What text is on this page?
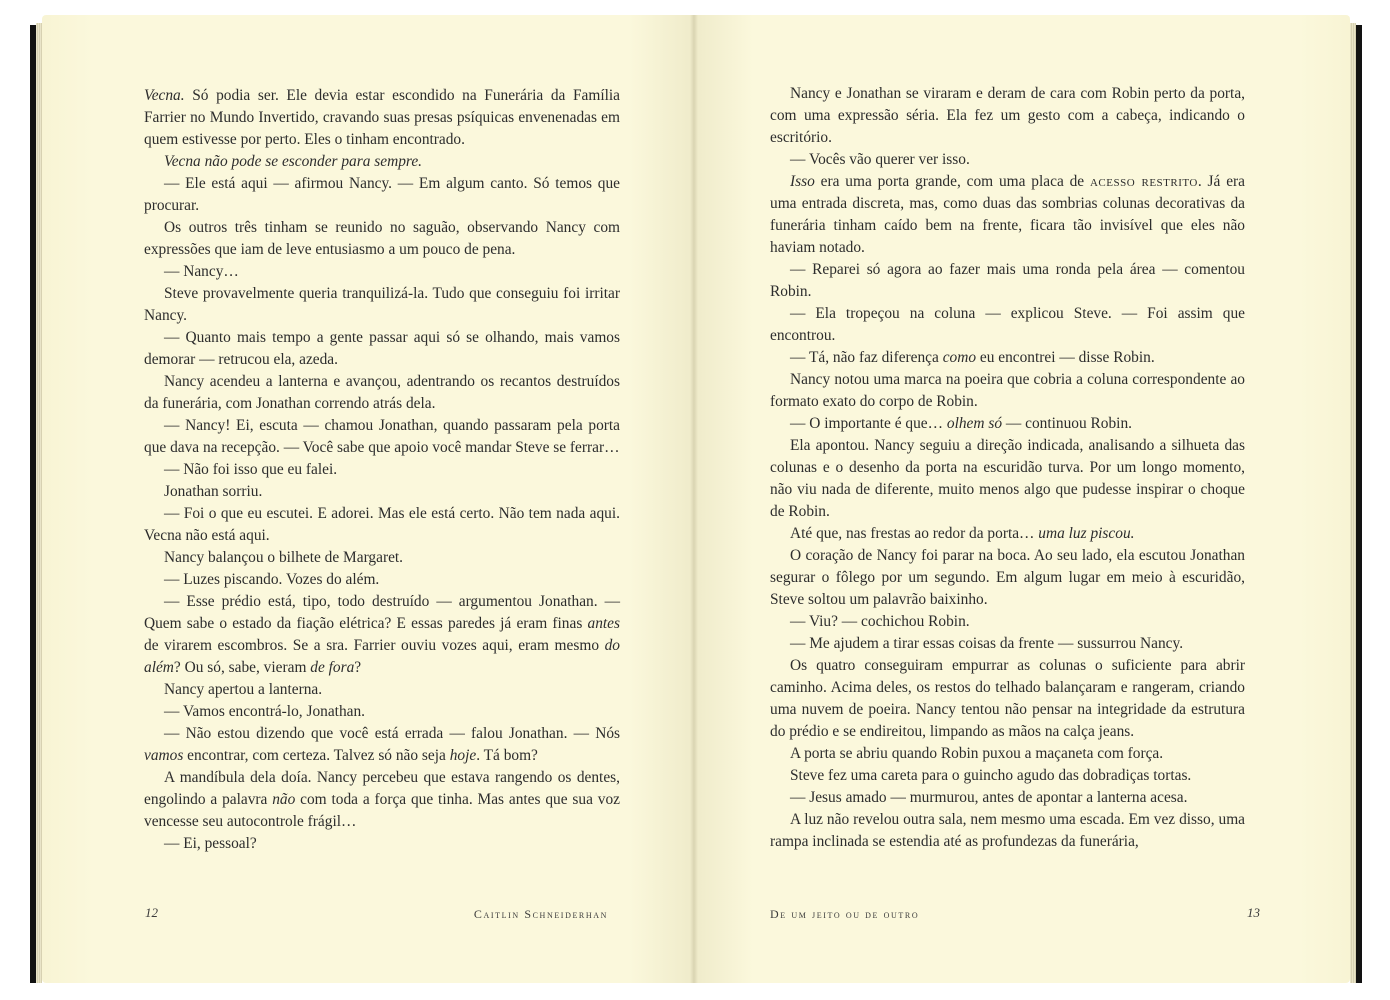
Vecna. Só podia ser. Ele devia estar escondido na Funerária da Família Farrier no Mundo Invertido, cravando suas presas psíquicas envenenadas em quem estivesse por perto. Eles o tinham encontrado.

Vecna não pode se esconder para sempre.

— Ele está aqui — afirmou Nancy. — Em algum canto. Só temos que procurar.

Os outros três tinham se reunido no saguão, observando Nancy com expressões que iam de leve entusiasmo a um pouco de pena.

— Nancy…

Steve provavelmente queria tranquilizá-la. Tudo que conseguiu foi irritar Nancy.

— Quanto mais tempo a gente passar aqui só se olhando, mais vamos demorar — retrucou ela, azeda.

Nancy acendeu a lanterna e avançou, adentrando os recantos destruídos da funerária, com Jonathan correndo atrás dela.

— Nancy! Ei, escuta — chamou Jonathan, quando passaram pela porta que dava na recepção. — Você sabe que apoio você mandar Steve se ferrar…

— Não foi isso que eu falei.

Jonathan sorriu.

— Foi o que eu escutei. E adorei. Mas ele está certo. Não tem nada aqui. Vecna não está aqui.

Nancy balançou o bilhete de Margaret.

— Luzes piscando. Vozes do além.

— Esse prédio está, tipo, todo destruído — argumentou Jonathan. — Quem sabe o estado da fiação elétrica? E essas paredes já eram finas antes de virarem escombros. Se a sra. Farrier ouviu vozes aqui, eram mesmo do além? Ou só, sabe, vieram de fora?

Nancy apertou a lanterna.

— Vamos encontrá-lo, Jonathan.

— Não estou dizendo que você está errada — falou Jonathan. — Nós vamos encontrar, com certeza. Talvez só não seja hoje. Tá bom?

A mandíbula dela doía. Nancy percebeu que estava rangendo os dentes, engolindo a palavra não com toda a força que tinha. Mas antes que sua voz vencesse seu autocontrole frágil…

— Ei, pessoal?

12	Caitlin Schneiderhan

Nancy e Jonathan se viraram e deram de cara com Robin perto da porta, com uma expressão séria. Ela fez um gesto com a cabeça, indicando o escritório.

— Vocês vão querer ver isso.

Isso era uma porta grande, com uma placa de acesso restrito. Já era uma entrada discreta, mas, como duas das sombrias colunas decorativas da funerária tinham caído bem na frente, ficara tão invisível que eles não haviam notado.

— Reparei só agora ao fazer mais uma ronda pela área — comentou Robin.

— Ela tropeçou na coluna — explicou Steve. — Foi assim que encontrou.

— Tá, não faz diferença como eu encontrei — disse Robin.

Nancy notou uma marca na poeira que cobria a coluna correspondente ao formato exato do corpo de Robin.

— O importante é que… olhem só — continuou Robin.

Ela apontou. Nancy seguiu a direção indicada, analisando a silhueta das colunas e o desenho da porta na escuridão turva. Por um longo momento, não viu nada de diferente, muito menos algo que pudesse inspirar o choque de Robin.

Até que, nas frestas ao redor da porta… uma luz piscou.

O coração de Nancy foi parar na boca. Ao seu lado, ela escutou Jonathan segurar o fôlego por um segundo. Em algum lugar em meio à escuridão, Steve soltou um palavrão baixinho.

— Viu? — cochichou Robin.

— Me ajudem a tirar essas coisas da frente — sussurrou Nancy.

Os quatro conseguiram empurrar as colunas o suficiente para abrir caminho. Acima deles, os restos do telhado balançaram e rangeram, criando uma nuvem de poeira. Nancy tentou não pensar na integridade da estrutura do prédio e se endireitou, limpando as mãos na calça jeans.

A porta se abriu quando Robin puxou a maçaneta com força.

Steve fez uma careta para o guincho agudo das dobradiças tortas.

— Jesus amado — murmurou, antes de apontar a lanterna acesa.

A luz não revelou outra sala, nem mesmo uma escada. Em vez disso, uma rampa inclinada se estendia até as profundezas da funerária,

13
De um jeito ou de outro
